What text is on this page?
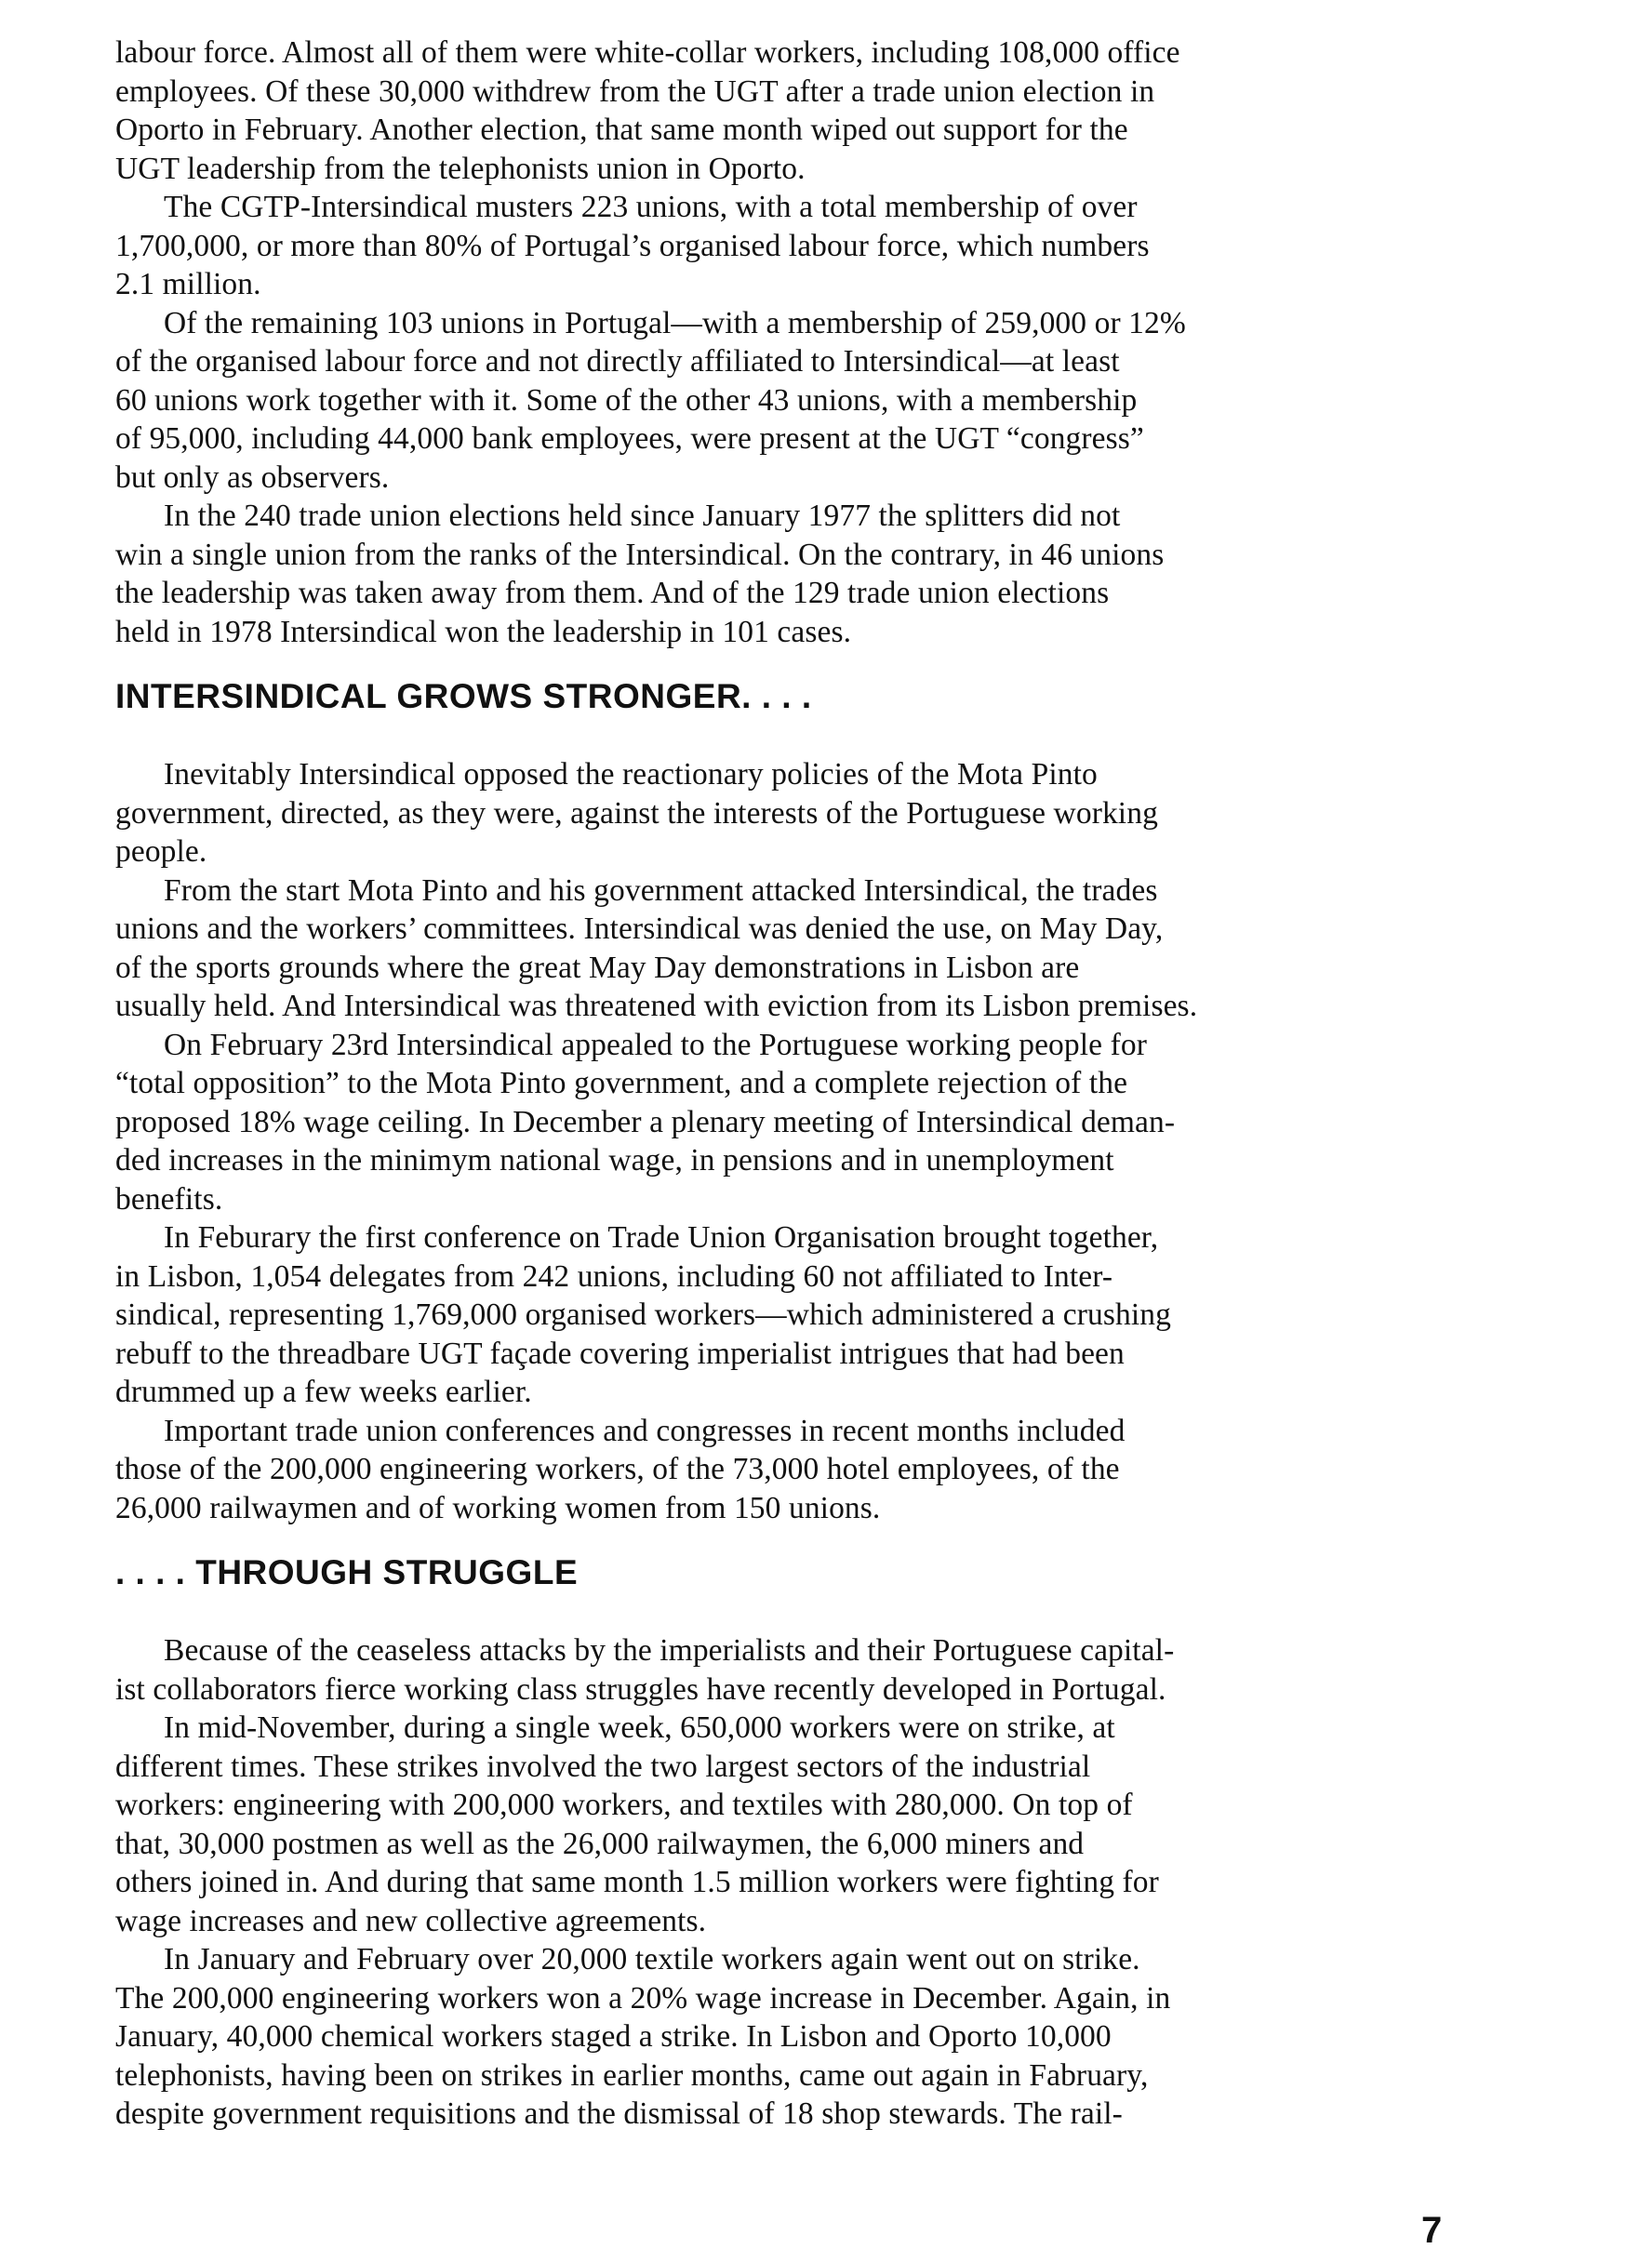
labour force. Almost all of them were white-collar workers, including 108,000 office
employees. Of these 30,000 withdrew from the UGT after a trade union election in
Oporto in February. Another election, that same month wiped out support for the
UGT leadership from the telephonists union in Oporto.

The CGTP-Intersindical musters 223 unions, with a total membership of over
1,700,000, or more than 80% of Portugal’s organised labour force, which numbers
2.1 million.

Of the remaining 103 unions in Portugal—with a membership of 259,000 or 12%
of the organised labour force and not directly affiliated to Intersindical—at least
60 unions work together with it. Some of the other 43 unions, with a membership
of 95,000, including 44,000 bank employees, were present at the UGT “congress”
but only as observers.

In the 240 trade union elections held since January 1977 the splitters did not
win a single union from the ranks of the Intersindical. On the contrary, in 46 unions
the leadership was taken away from them. And of the 129 trade union elections
held in 1978 Intersindical won the leadership in 101 cases.

INTERSINDICAL GROWS STRONGER. . . .

Inevitably Intersindical opposed the reactionary policies of the Mota Pinto
government, directed, as they were, against the interests of the Portuguese working
people.

From the start Mota Pinto and his government attacked Intersindical, the trades
unions and the workers’ committees. Intersindical was denied the use, on May Day,
of the sports grounds where the great May Day demonstrations in Lisbon are
usually held. And Intersindical was threatened with eviction from its Lisbon premises.

On February 23rd Intersindical appealed to the Portuguese working people for
“total opposition” to the Mota Pinto government, and a complete rejection of the
proposed 18% wage ceiling. In December a plenary meeting of Intersindical deman-
ded increases in the minimym national wage, in pensions and in unemployment
benefits.

In Feburary the first conference on Trade Union Organisation brought together,
in Lisbon, 1,054 delegates from 242 unions, including 60 not affiliated to Inter-
sindical, representing 1,769,000 organised workers—which administered a crushing
rebuff to the threadbare UGT façade covering imperialist intrigues that had been
drummed up a few weeks earlier.

Important trade union conferences and congresses in recent months included
those of the 200,000 engineering workers, of the 73,000 hotel employees, of the
26,000 railwaymen and of working women from 150 unions.

. . . . THROUGH STRUGGLE

Because of the ceaseless attacks by the imperialists and their Portuguese capital-
ist collaborators fierce working class struggles have recently developed in Portugal.

In mid-November, during a single week, 650,000 workers were on strike, at
different times. These strikes involved the two largest sectors of the industrial
workers: engineering with 200,000 workers, and textiles with 280,000. On top of
that, 30,000 postmen as well as the 26,000 railwaymen, the 6,000 miners and
others joined in. And during that same month 1.5 million workers were fighting for
wage increases and new collective agreements.

In January and February over 20,000 textile workers again went out on strike.
The 200,000 engineering workers won a 20% wage increase in December. Again, in
January, 40,000 chemical workers staged a strike. In Lisbon and Oporto 10,000
telephonists, having been on strikes in earlier months, came out again in Fabruary,
despite government requisitions and the dismissal of 18 shop stewards. The rail-

7
